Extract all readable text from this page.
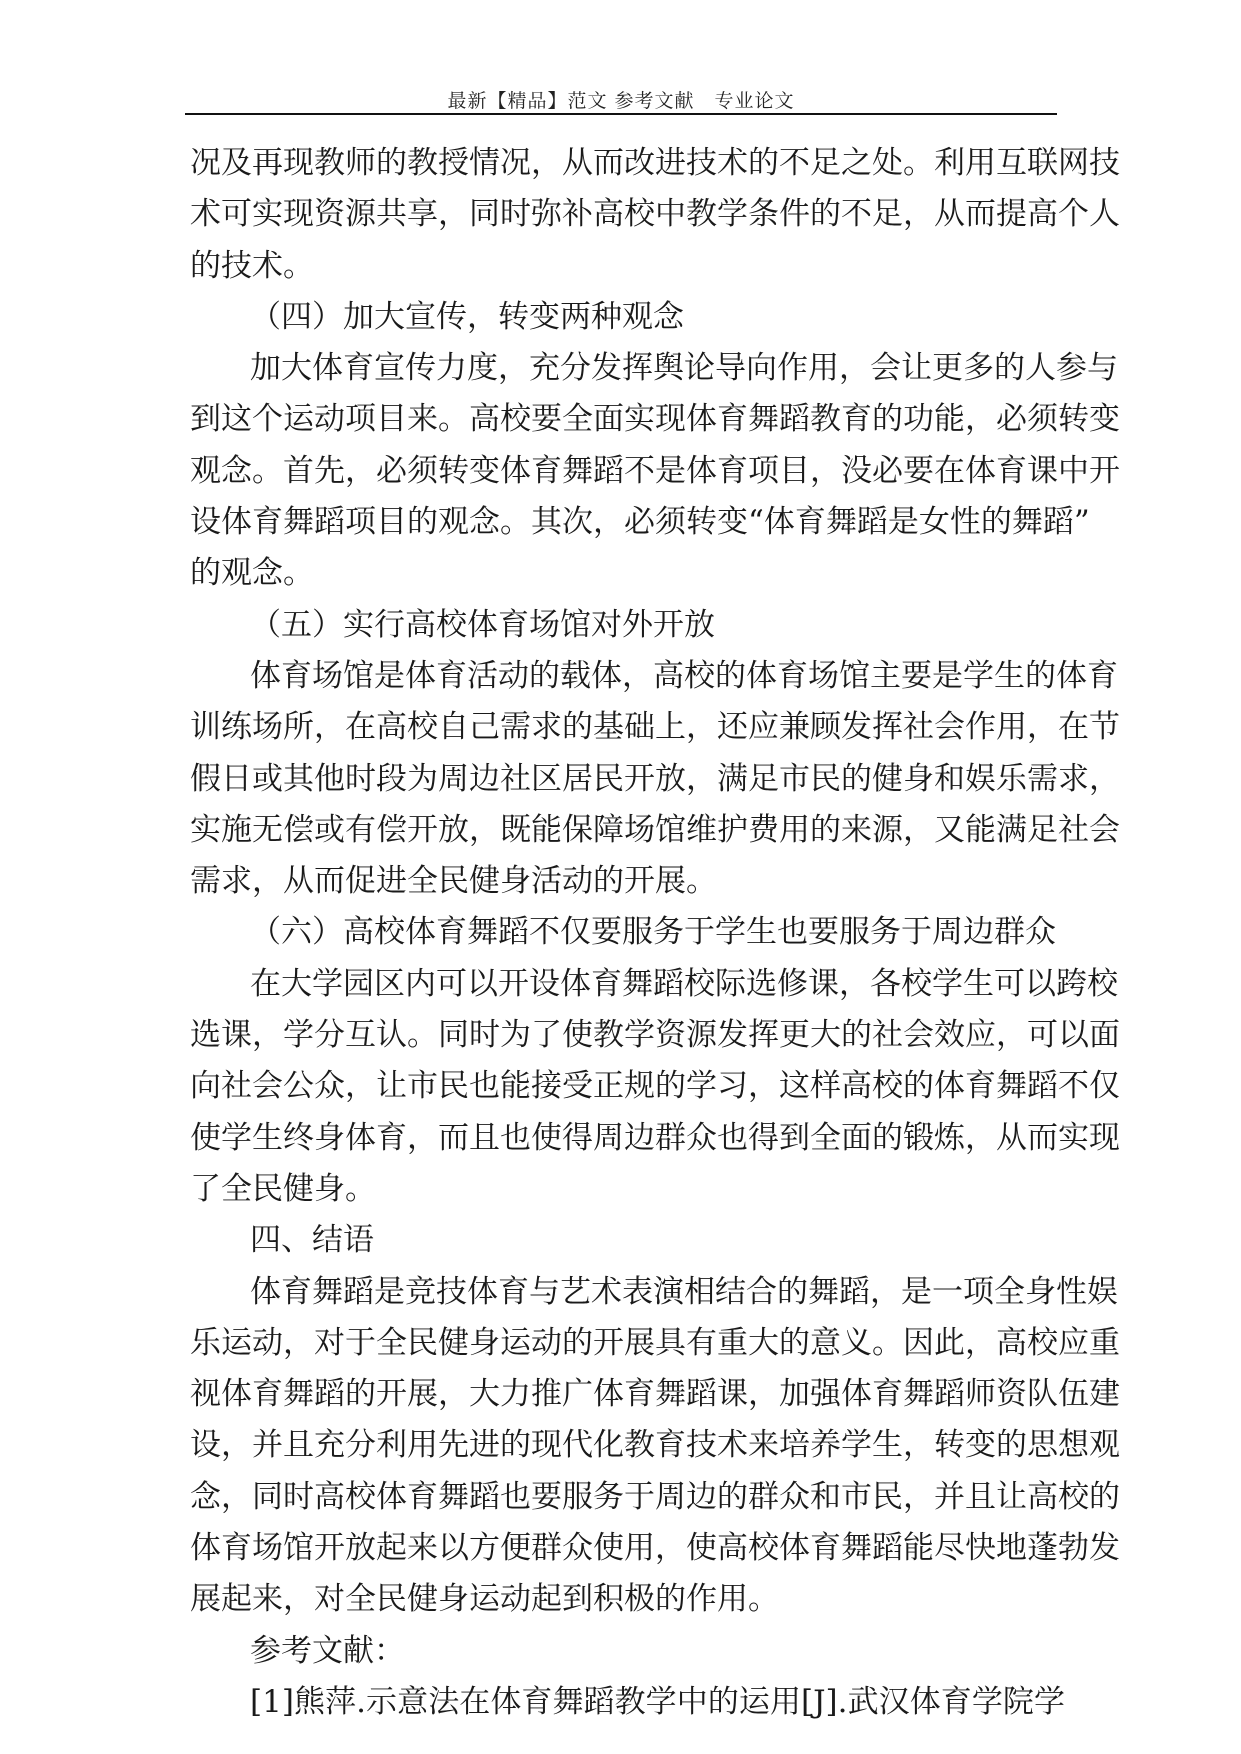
最新【精品】范文 参考文献　专业论文
况及再现教师的教授情况，从而改进技术的不足之处。利用互联网技
术可实现资源共享，同时弥补高校中教学条件的不足，从而提高个人
的技术。
（四）加大宣传，转变两种观念
加大体育宣传力度，充分发挥舆论导向作用，会让更多的人参与
到这个运动项目来。高校要全面实现体育舞蹈教育的功能，必须转变
观念。首先，必须转变体育舞蹈不是体育项目，没必要在体育课中开
设体育舞蹈项目的观念。其次，必须转变“体育舞蹈是女性的舞蹈”
的观念。
（五）实行高校体育场馆对外开放
体育场馆是体育活动的载体，高校的体育场馆主要是学生的体育
训练场所，在高校自己需求的基础上，还应兼顾发挥社会作用，在节
假日或其他时段为周边社区居民开放，满足市民的健身和娱乐需求，
实施无偿或有偿开放，既能保障场馆维护费用的来源，又能满足社会
需求，从而促进全民健身活动的开展。
（六）高校体育舞蹈不仅要服务于学生也要服务于周边群众
在大学园区内可以开设体育舞蹈校际选修课，各校学生可以跨校
选课，学分互认。同时为了使教学资源发挥更大的社会效应，可以面
向社会公众，让市民也能接受正规的学习，这样高校的体育舞蹈不仅
使学生终身体育，而且也使得周边群众也得到全面的锻炼，从而实现
了全民健身。
四、结语
体育舞蹈是竞技体育与艺术表演相结合的舞蹈，是一项全身性娱
乐运动，对于全民健身运动的开展具有重大的意义。因此，高校应重
视体育舞蹈的开展，大力推广体育舞蹈课，加强体育舞蹈师资队伍建
设，并且充分利用先进的现代化教育技术来培养学生，转变的思想观
念，同时高校体育舞蹈也要服务于周边的群众和市民，并且让高校的
体育场馆开放起来以方便群众使用，使高校体育舞蹈能尽快地蓬勃发
展起来，对全民健身运动起到积极的作用。
参考文献：
[1]熊萍.示意法在体育舞蹈教学中的运用[J].武汉体育学院学
